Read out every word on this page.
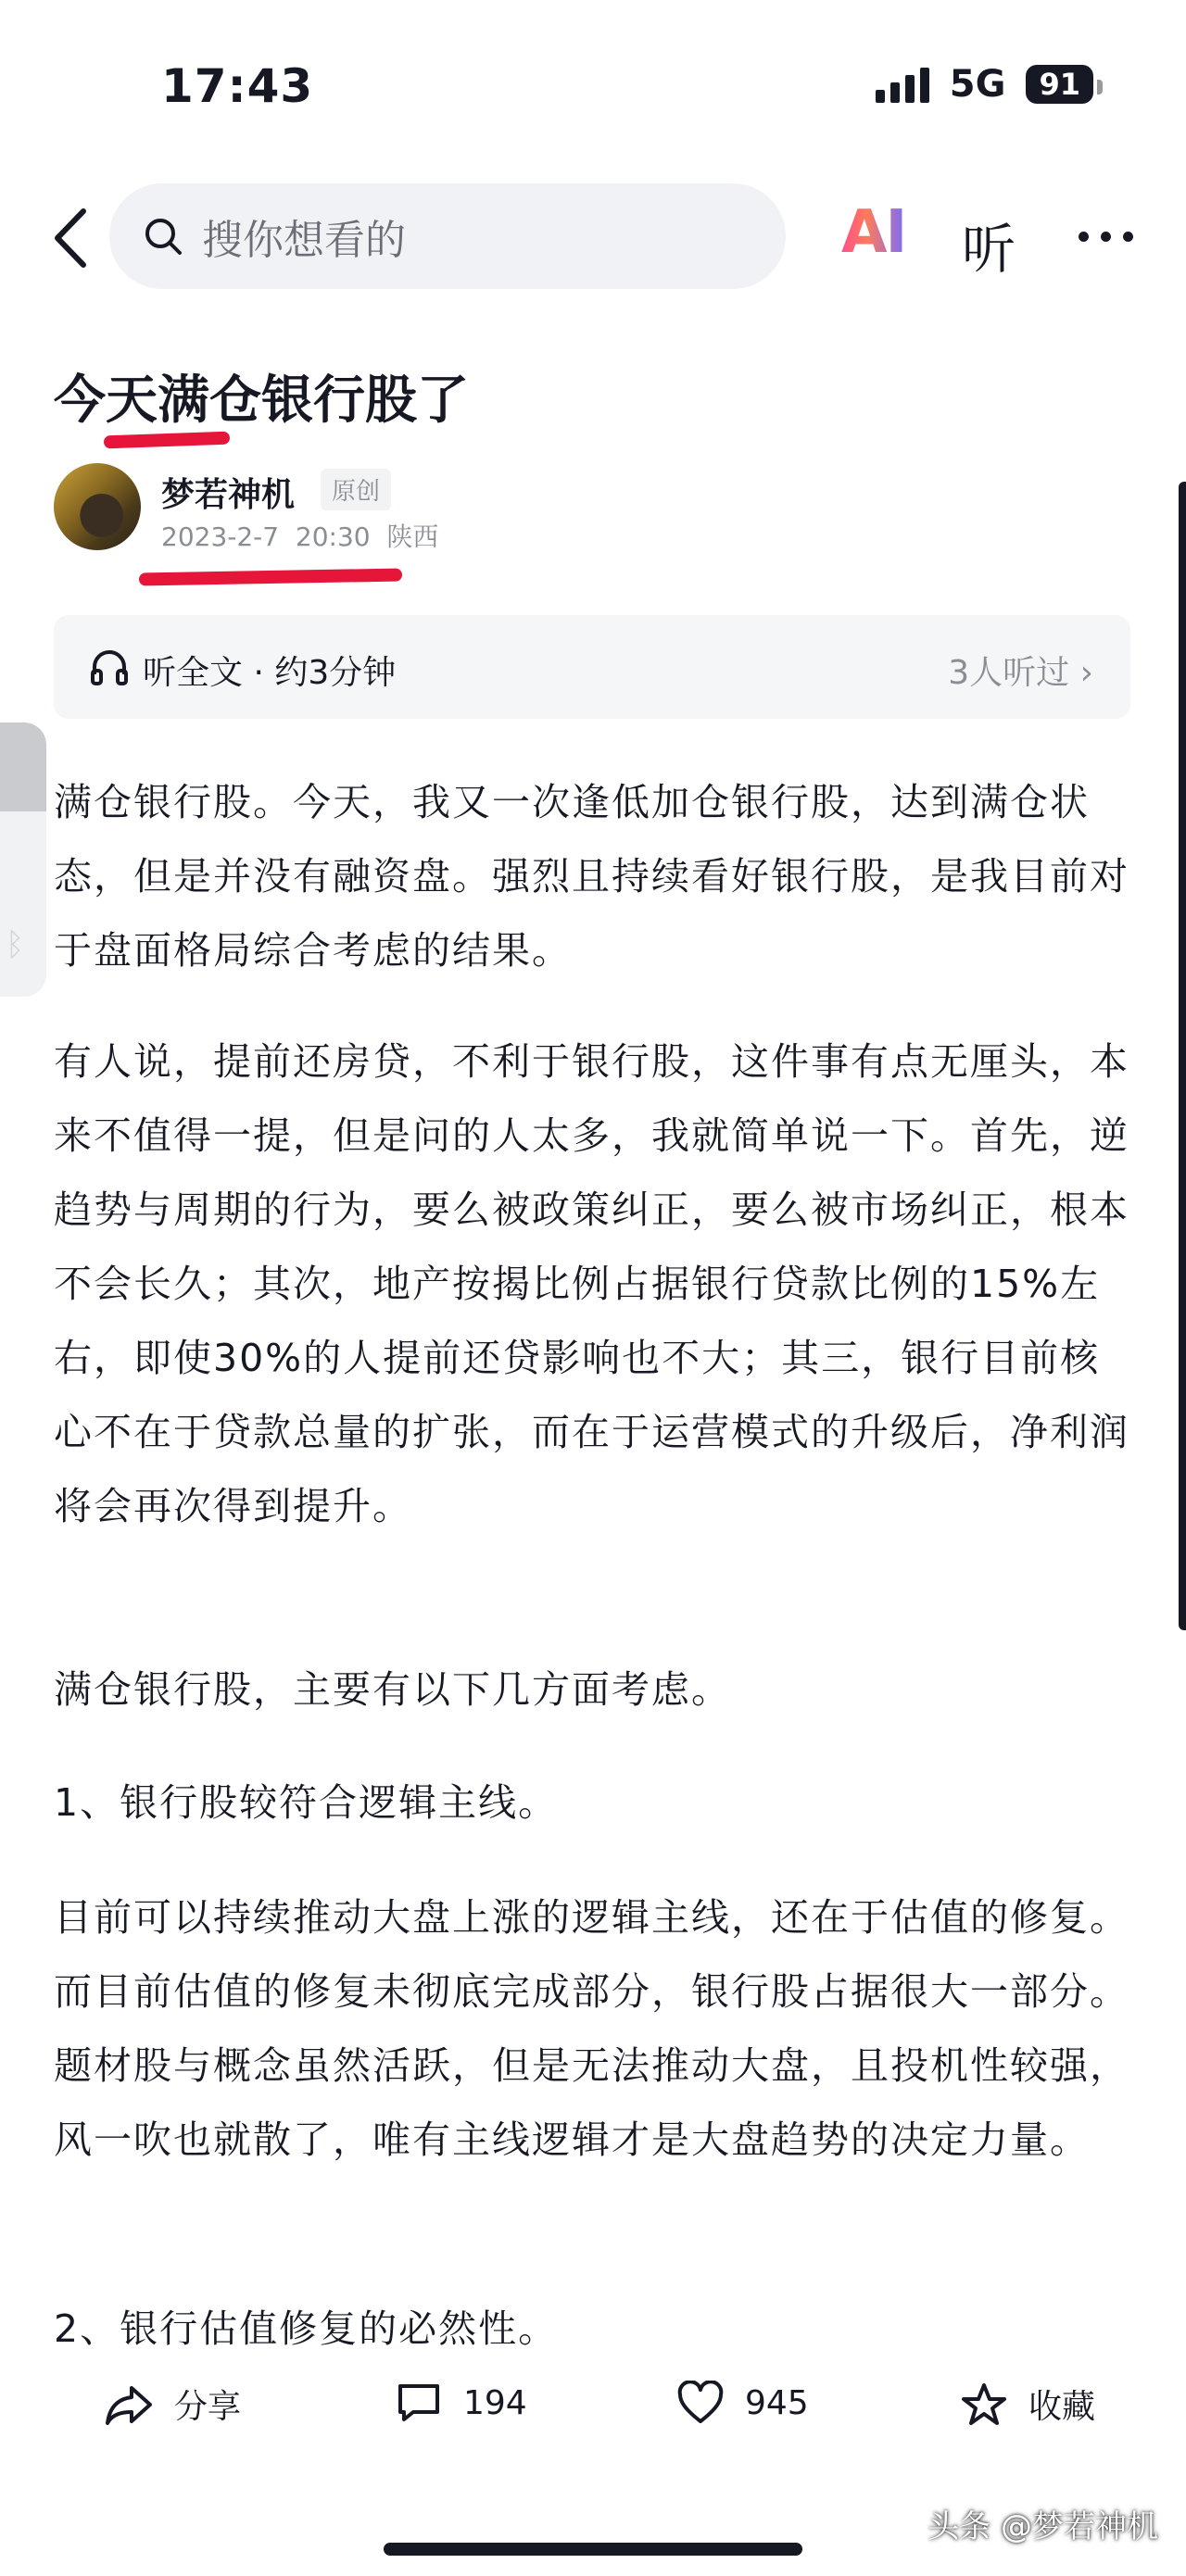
17:43	5G	91
搜你想看的	AI 听
今天满仓银行股了
梦若神机	原创
2023-2-7 20:30 陕西
听全文 · 约3分钟	3人听过 ›
ᛒ

满仓银行股。今天，我又一次逢低加仓银行股，达到满仓状态，但是并没有融资盘。强烈且持续看好银行股，是我目前对于盘面格局综合考虑的结果。

有人说，提前还房贷，不利于银行股，这件事有点无厘头，本来不值得一提，但是问的人太多，我就简单说一下。首先，逆趋势与周期的行为，要么被政策纠正，要么被市场纠正，根本不会长久；其次，地产按揭比例占据银行贷款比例的15%左右，即使30%的人提前还贷影响也不大；其三，银行目前核心不在于贷款总量的扩张，而在于运营模式的升级后，净利润将会再次得到提升。

满仓银行股，主要有以下几方面考虑。

1、银行股较符合逻辑主线。

目前可以持续推动大盘上涨的逻辑主线，还在于估值的修复。而目前估值的修复未彻底完成部分，银行股占据很大一部分。题材股与概念虽然活跃，但是无法推动大盘，且投机性较强，风一吹也就散了，唯有主线逻辑才是大盘趋势的决定力量。

2、银行估值修复的必然性。

分享	194	945	收藏
头条 @梦若神机
